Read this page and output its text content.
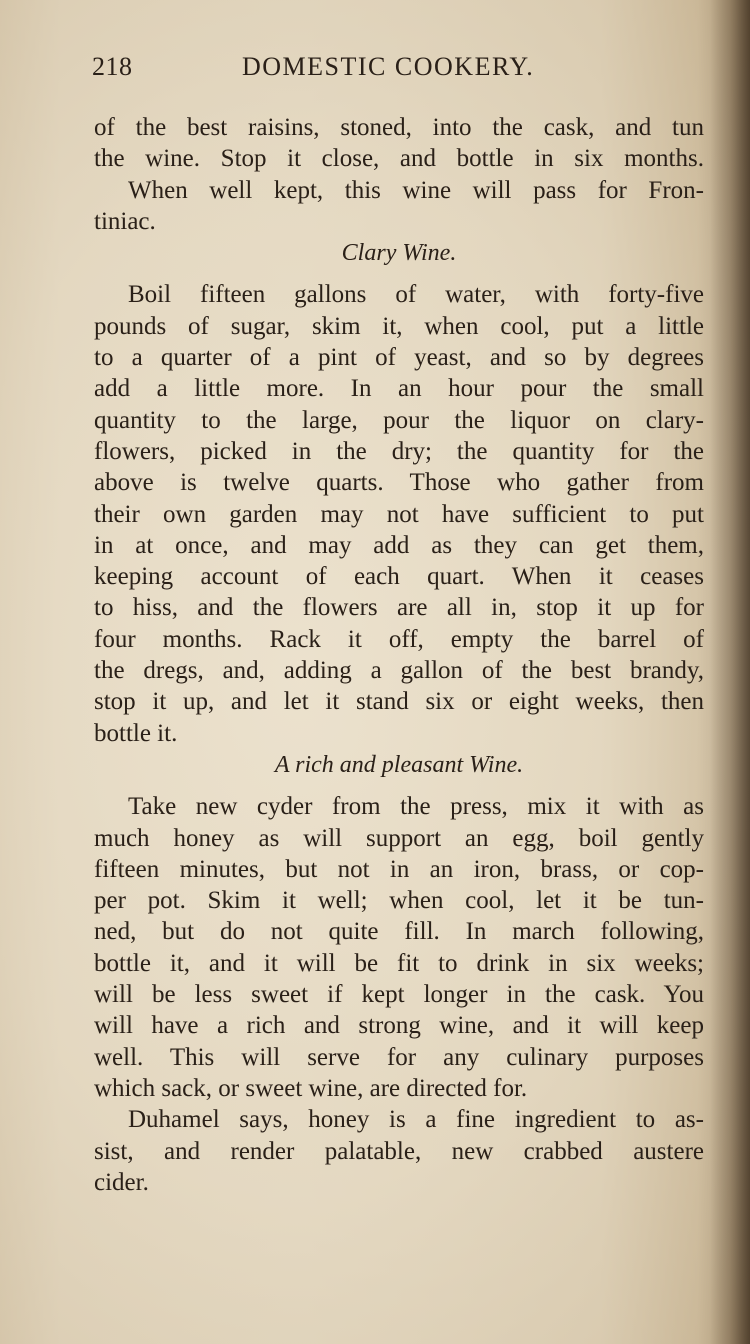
218	DOMESTIC COOKERY.
of the best raisins, stoned, into the cask, and tun
the wine. Stop it close, and bottle in six months.
When well kept, this wine will pass for Fron-
tiniac.
Clary Wine.
Boil fifteen gallons of water, with forty-five
pounds of sugar, skim it, when cool, put a little
to a quarter of a pint of yeast, and so by degrees
add a little more. In an hour pour the small
quantity to the large, pour the liquor on clary-
flowers, picked in the dry; the quantity for the
above is twelve quarts. Those who gather from
their own garden may not have sufficient to put
in at once, and may add as they can get them,
keeping account of each quart. When it ceases
to hiss, and the flowers are all in, stop it up for
four months. Rack it off, empty the barrel of
the dregs, and, adding a gallon of the best brandy,
stop it up, and let it stand six or eight weeks, then
bottle it.
A rich and pleasant Wine.
Take new cyder from the press, mix it with as
much honey as will support an egg, boil gently
fifteen minutes, but not in an iron, brass, or cop-
per pot. Skim it well; when cool, let it be tun-
ned, but do not quite fill. In march following,
bottle it, and it will be fit to drink in six weeks;
will be less sweet if kept longer in the cask. You
will have a rich and strong wine, and it will keep
well. This will serve for any culinary purposes
which sack, or sweet wine, are directed for.
Duhamel says, honey is a fine ingredient to as-
sist, and render palatable, new crabbed austere
cider.
